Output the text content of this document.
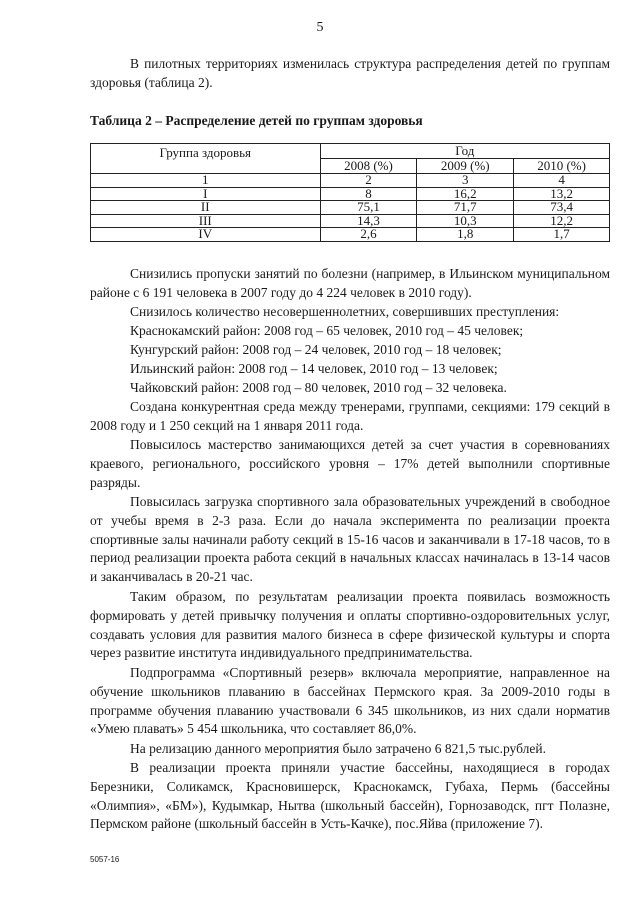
5

В пилотных территориях изменилась структура распределения детей по группам здоровья (таблица 2).

Таблица 2 – Распределение детей по группам здоровья
Группа здоровья	Год		
	2008 (%)	2009 (%)	2010 (%)
1	2	3	4
I	8	16,2	13,2
II	75,1	71,7	73,4
III	14,3	10,3	12,2
IV	2,6	1,8	1,7

Снизились пропуски занятий по болезни (например, в Ильинском муниципальном районе с 6 191 человека в 2007 году до 4 224 человек в 2010 году).

Снизилось количество несовершеннолетних, совершивших преступления:

Краснокамский район: 2008 год – 65 человек, 2010 год – 45 человек;
Кунгурский район: 2008 год – 24 человек, 2010 год – 18 человек;
Ильинский район: 2008 год – 14 человек, 2010 год – 13 человек;
Чайковский район: 2008 год – 80 человек, 2010 год – 32 человека.

Создана конкурентная среда между тренерами, группами, секциями: 179 секций в 2008 году и 1 250 секций на 1 января 2011 года.

Повысилось мастерство занимающихся детей за счет участия в соревнованиях краевого, регионального, российского уровня – 17% детей выполнили спортивные разряды.

Повысилась загрузка спортивного зала образовательных учреждений в свободное от учебы время в 2-3 раза. Если до начала эксперимента по реализации проекта спортивные залы начинали работу секций в 15-16 часов и заканчивали в 17-18 часов, то в период реализации проекта работа секций в начальных классах начиналась в 13-14 часов и заканчивалась в 20-21 час.

Таким образом, по результатам реализации проекта появилась возможность формировать у детей привычку получения и оплаты спортивно-оздоровительных услуг, создавать условия для развития малого бизнеса в сфере физической культуры и спорта через развитие института индивидуального предпринимательства.

Подпрограмма «Спортивный резерв» включала мероприятие, направленное на обучение школьников плаванию в бассейнах Пермского края. За 2009-2010 годы в программе обучения плаванию участвовали 6 345 школьников, из них сдали норматив «Умею плавать» 5 454 школьника, что составляет 86,0%.

На релизацию данного мероприятия было затрачено 6 821,5 тыс.рублей.

В реализации проекта приняли участие бассейны, находящиеся в городах Березники, Соликамск, Красновишерск, Краснокамск, Губаха, Пермь (бассейны «Олимпия», «БМ»), Кудымкар, Нытва (школьный бассейн), Горнозаводск, пгт Полазне, Пермском районе (школьный бассейн в Усть-Качке), пос.Яйва (приложение 7).

5057-16
